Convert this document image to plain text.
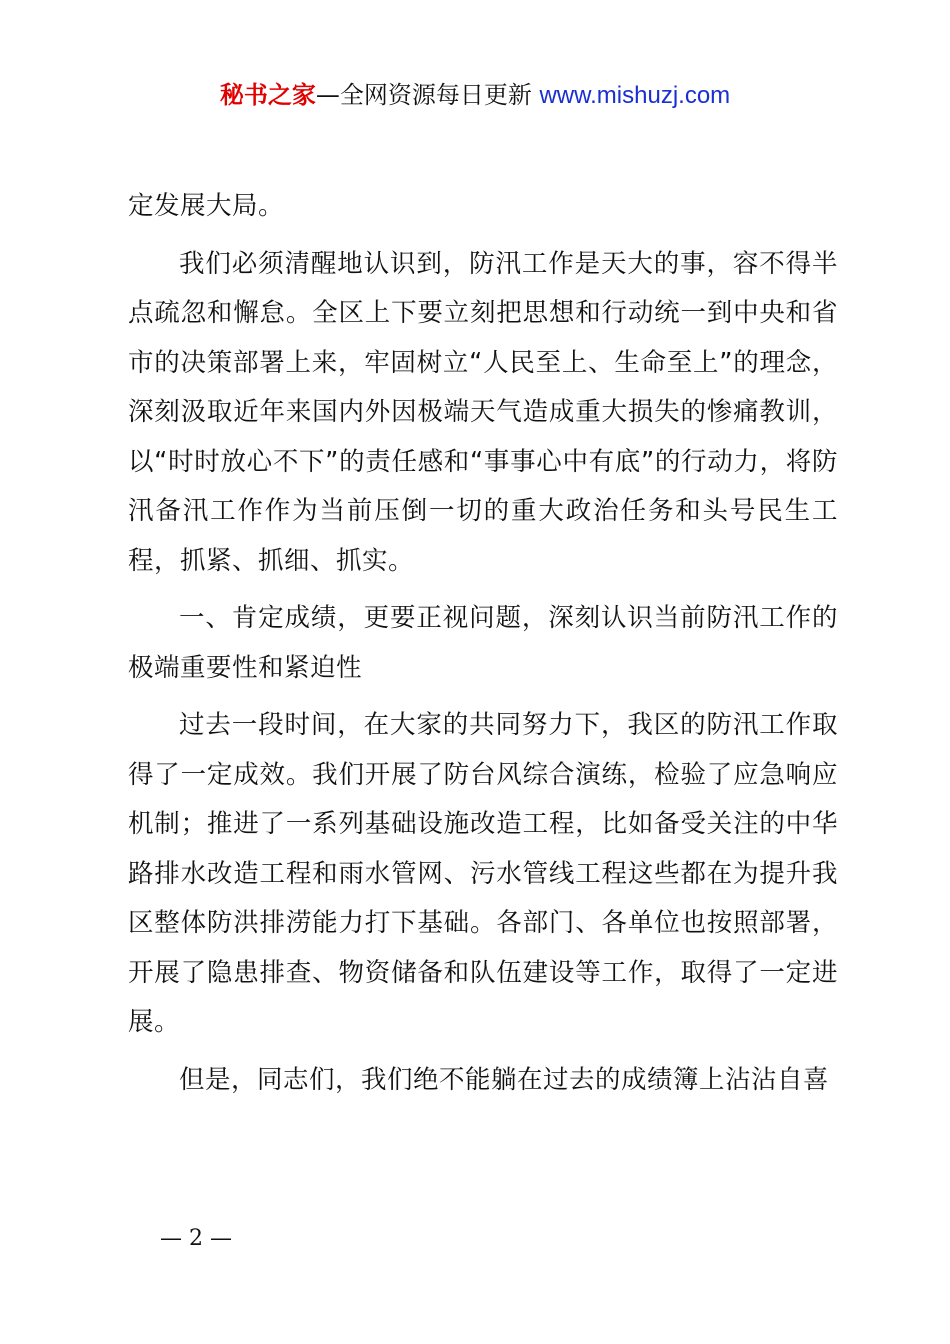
秘书之家—全网资源每日更新 www.mishuzj.com

定发展大局。

我们必须清醒地认识到，防汛工作是天大的事，容不得半点疏忽和懈怠。全区上下要立刻把思想和行动统一到中央和省市的决策部署上来，牢固树立“人民至上、生命至上”的理念，深刻汲取近年来国内外因极端天气造成重大损失的惨痛教训，以“时时放心不下”的责任感和“事事心中有底”的行动力，将防汛备汛工作作为当前压倒一切的重大政治任务和头号民生工程，抓紧、抓细、抓实。

一、肯定成绩，更要正视问题，深刻认识当前防汛工作的极端重要性和紧迫性

过去一段时间，在大家的共同努力下，我区的防汛工作取得了一定成效。我们开展了防台风综合演练，检验了应急响应机制；推进了一系列基础设施改造工程，比如备受关注的中华路排水改造工程和雨水管网、污水管线工程这些都在为提升我区整体防洪排涝能力打下基础。各部门、各单位也按照部署，开展了隐患排查、物资储备和队伍建设等工作，取得了一定进展。

但是，同志们，我们绝不能躺在过去的成绩簿上沾沾自喜

— 2 —
